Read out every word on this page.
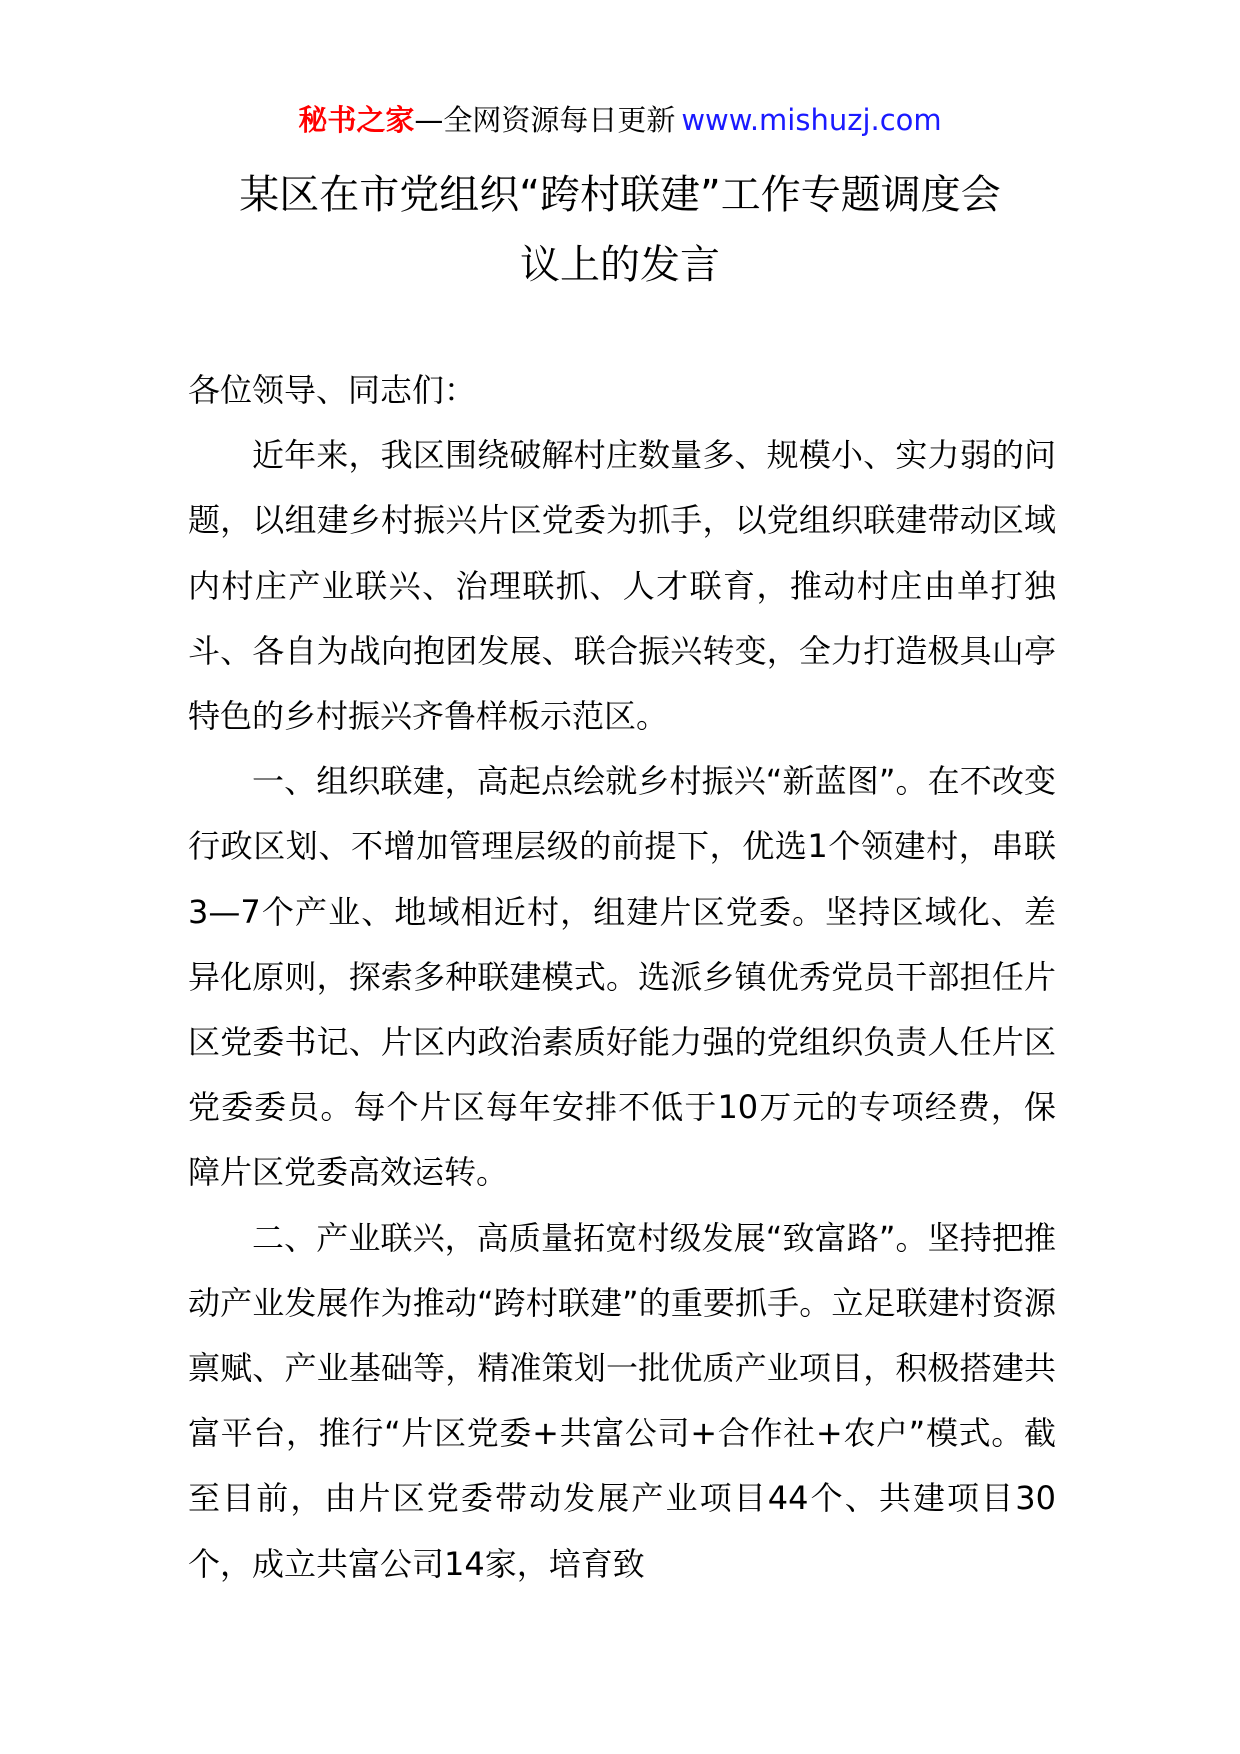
秘书之家—全网资源每日更新 www.mishuzj.com
某区在市党组织“跨村联建”工作专题调度会
议上的发言

各位领导、同志们：

近年来，我区围绕破解村庄数量多、规模小、实力弱的问题，以组建乡村振兴片区党委为抓手，以党组织联建带动区域内村庄产业联兴、治理联抓、人才联育，推动村庄由单打独斗、各自为战向抱团发展、联合振兴转变，全力打造极具山亭特色的乡村振兴齐鲁样板示范区。

一、组织联建，高起点绘就乡村振兴“新蓝图”。在不改变行政区划、不增加管理层级的前提下，优选1个领建村，串联3—7个产业、地域相近村，组建片区党委。坚持区域化、差异化原则，探索多种联建模式。选派乡镇优秀党员干部担任片区党委书记、片区内政治素质好能力强的党组织负责人任片区党委委员。每个片区每年安排不低于10万元的专项经费，保障片区党委高效运转。

二、产业联兴，高质量拓宽村级发展“致富路”。坚持把推动产业发展作为推动“跨村联建”的重要抓手。立足联建村资源禀赋、产业基础等，精准策划一批优质产业项目，积极搭建共富平台，推行“片区党委+共富公司+合作社+农户”模式。截至目前，由片区党委带动发展产业项目44个、共建项目30个，成立共富公司14家，培育致
